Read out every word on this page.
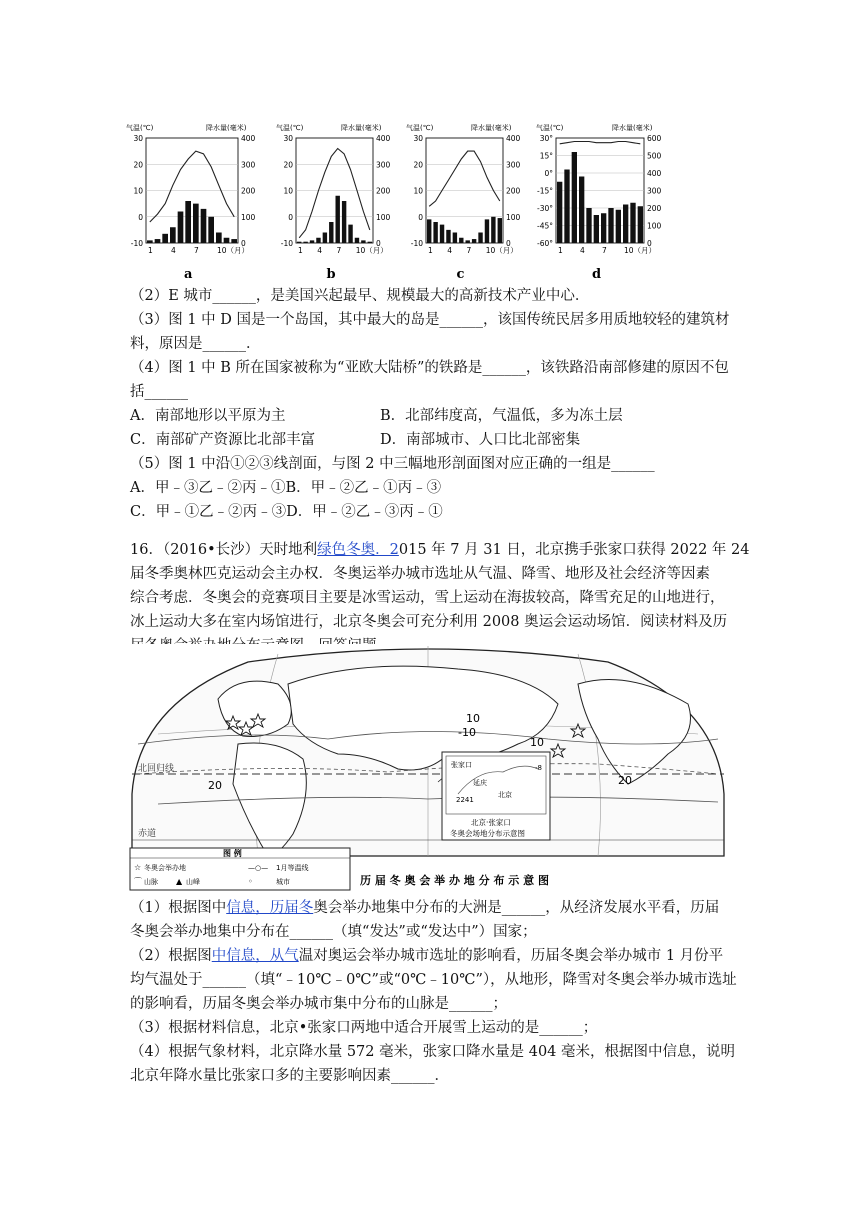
气温(℃)	降水量(毫米)
30	400
20	300
10	200
0	100
-10	0
1 4 7 10（月）
a
气温(℃)	降水量(毫米)
30	400
20	300
10	200
0	100
-10	0
1 4 7 10（月）
b
气温(℃)	降水量(毫米)
30	400
20	300
10	200
0	100
-10	0
1 4 7 10（月）
c
气温(℃)	降水量(毫米)
30°	600
15°	500
0°	400
-15°	300
-30°	200
-45°	100
-60°	0
1 4 7 10（月）
d
（2）E 城市______，是美国兴起最早、规模最大的高新技术产业中心．
（3）图 1 中 D 国是一个岛国，其中最大的岛是______，该国传统民居多用质地较轻的建筑材
料，原因是______．
（4）图 1 中 B 所在国家被称为“亚欧大陆桥”的铁路是______，该铁路沿南部修建的原因不包
括______
A．南部地形以平原为主	B．北部纬度高，气温低，多为冻土层
C．南部矿产资源比北部丰富	D．南部城市、人口比北部密集
（5）图 1 中沿①②③线剖面，与图 2 中三幅地形剖面图对应正确的一组是______
A．甲﹣③乙﹣②丙﹣①B．甲﹣②乙﹣①丙﹣③
C．甲﹣①乙﹣②丙﹣③D．甲﹣②乙﹣③丙﹣①
16．（2016•长沙）天时地利绿色冬奥．2015 年 7 月 31 日，北京携手张家口获得 2022 年 24
届冬季奥林匹克运动会主办权．冬奥运举办城市选址从气温、降雪、地形及社会经济等因素
综合考虑．冬奥会的竞赛项目主要是冰雪运动，雪上运动在海拔较高，降雪充足的山地进行，
冰上运动大多在室内场馆进行，北京冬奥会可充分利用 2008 奥运会运动场馆．阅读材料及历
北回归线
赤道
10
10
-10
20
20
张家口
延庆
2241
北京
-8
北京·张家口
冬奥会场地分布示意图
图 例
☆ 冬奥会举办地	—○— 1月等温线
⌒ 山脉 ▲ 山峰	◦	城市	历 届 冬 奥 会 举 办 地 分 布 示 意 图
（1）根据图中信息，历届冬奥会举办地集中分布的大洲是______，从经济发展水平看，历届
冬奥会举办地集中分布在______（填“发达”或“发达中”）国家；
（2）根据图中信息，从气温对奥运会举办城市选址的影响看，历届冬奥会举办城市 1 月份平
均气温处于______（填“﹣10℃﹣0℃”或“0℃﹣10℃”），从地形，降雪对冬奥会举办城市选址
的影响看，历届冬奥会举办城市集中分布的山脉是______；
（3）根据材料信息，北京•张家口两地中适合开展雪上运动的是______；
（4）根据气象材料，北京降水量 572 毫米，张家口降水量是 404 毫米，根据图中信息，说明
北京年降水量比张家口多的主要影响因素______．
